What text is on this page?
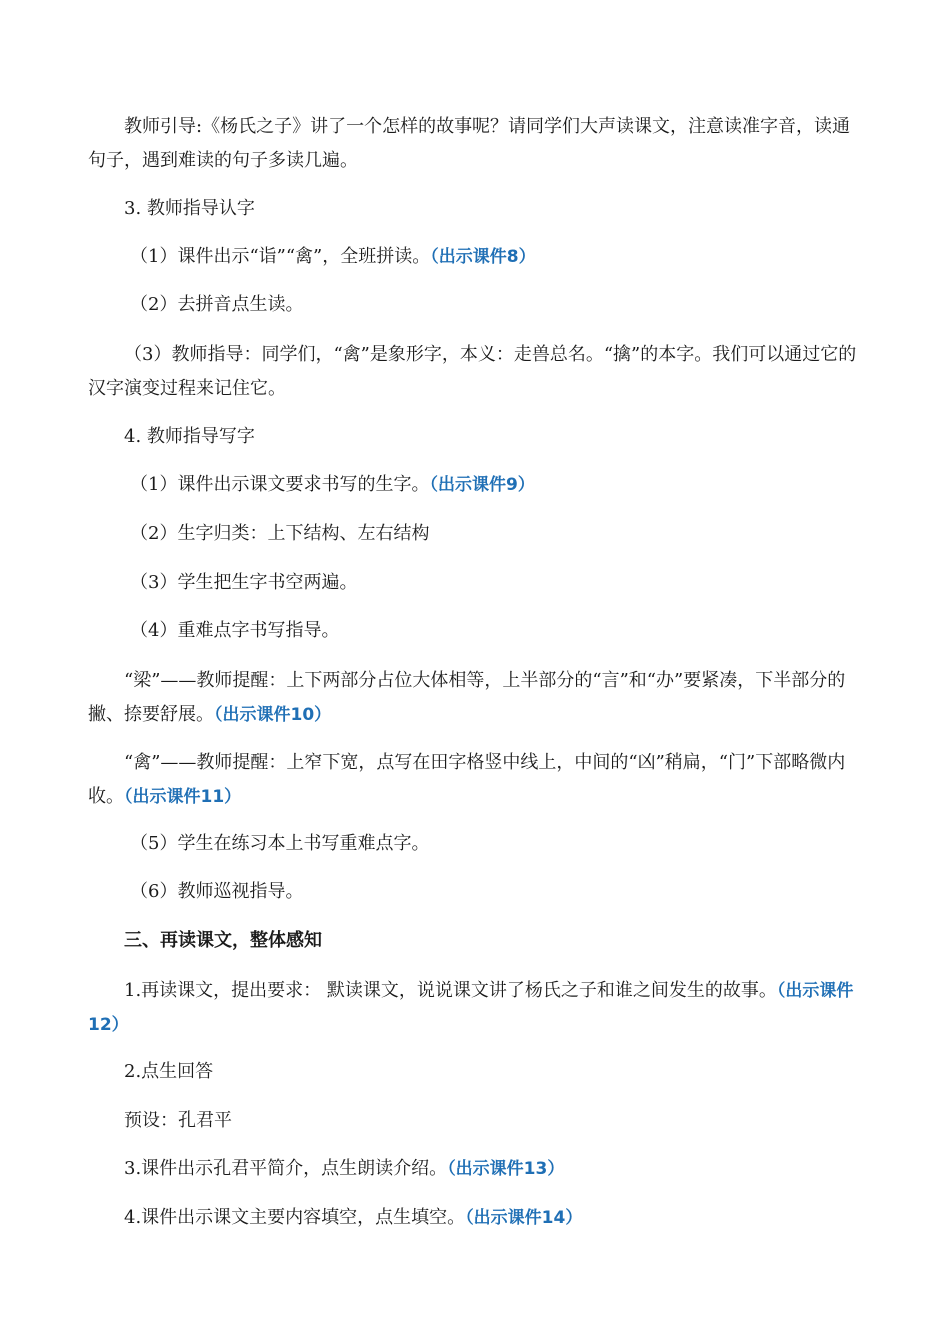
教师引导:《杨氏之子》讲了一个怎样的故事呢？请同学们大声读课文，注意读准字音，读通句子，遇到难读的句子多读几遍。

3. 教师指导认字

（1）课件出示“诣”“禽”，全班拼读。（出示课件8）

（2）去拼音点生读。

（3）教师指导：同学们，“禽”是象形字，本义：走兽总名。“擒”的本字。我们可以通过它的汉字演变过程来记住它。

4. 教师指导写字

（1）课件出示课文要求书写的生字。（出示课件9）

（2）生字归类：上下结构、左右结构

（3）学生把生字书空两遍。

（4）重难点字书写指导。

“梁”——教师提醒：上下两部分占位大体相等，上半部分的“言”和“办”要紧凑，下半部分的撇、捺要舒展。（出示课件10）

“禽”——教师提醒：上窄下宽，点写在田字格竖中线上，中间的“凶”稍扁，“门”下部略微内收。（出示课件11）

（5）学生在练习本上书写重难点字。

（6）教师巡视指导。

三、再读课文，整体感知

1.再读课文，提出要求： 默读课文，说说课文讲了杨氏之子和谁之间发生的故事。（出示课件12）

2.点生回答

预设：孔君平

3.课件出示孔君平简介，点生朗读介绍。（出示课件13）

4.课件出示课文主要内容填空，点生填空。（出示课件14）
